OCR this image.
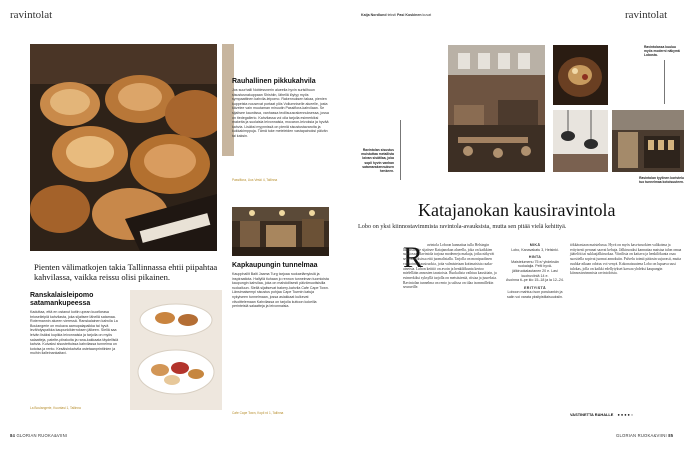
ravintolat
Rauhallinen pikkukahvila
Jos suurhalli Noblessnerin alueella hyvin surisilhuun sisustusnakuppaan Shishiin, lähellä löytyy myös sympaattinen kahvila-leipomo. Rakennuksen takaa, pienien kuppeista nousevat portaat ylös Vollumniselle alueelle, josta kävelee vain muutaman minuutin Passiflora-kahvilaan. Se sijaitsee kauniissa, vanhassa teollisuusrakennuksessa, jossa on tiedegallerio. Kahvilassa voi olla tarjolla esimerkiksi makeita ja suolaisia leivonnaisia, mocaron-leivoksia ja hyvää kahvia. Lisäksi myynnissä on pieniä sisustustavaroita ja kukkakimppuja. Tämä tuke meteleiden vastapainoksi päivän tai kaksin.
Passiflora, Uus Veski 4, Tallinna
Pienten välimatkojen takia Tallinnassa ehtii piipahtaa kahvilassa, vaikka reissu olisi pikainen.
Ranskalaisleipomo satamankupeessa
Kaduttaa, että en ostanut kotiin upean kuorikeasa brioseileipiä kahvilasta, joka sijaitsee lähellä satamaa. Rotermannin alueen vieressä. Ranskalainen kahvila La Boulangerie on mukava aamupalapaikka tai hyvä levähdyspaikka kaupunkikierroksen jälkeen. Siellä saa leivän lisäksi kupikia leivonnaisia ja tarjolla on myös salaatteja, patelte-piirakoita ja rana-kakkaata täydellisiä kahvia. Kuivaksi sisustettuissa kahvilassa tunnelma on kotoisa ja rento. Kesäisinkahvila ostetaanprintiinien ja muihin ilalleinankaitavi.
La Boulangerie, Kuuntasi 1, Tallinna
Kapkaupungin tunnelmaa
Kaupphallit Balti Jaama Turg tarjoaa ruokaelämyksiä ja inspiraatiota. Hallyllä tiuhaan jo rennon tunnelman tuomioista kaupungin kahvilaa, joka on mahdollisesti päivämuotisisilla ruokailuun. Siellä sijaitsevat bakery-kahvila Cafe Cape Town. Länsimaisempi sisustus pohjaa Cape Townin katuja nykyiseen tunnelmaan, jossa asiakkaat kulkevat vilvoittelemaan Kahvilassa on tarjolla kuttoon kokeilla perinteisiä salaatteja ja leivonnaisia.
Cafe Cape Town, Kopli rd 1, Tallinna
84 GLORIAN RUOKA&VIINI
Kaija Nordlund teksti Pasi Koskinen kuvat	ravintolat
Ravintolassa kuuluu myös moderni näkymä Lobosta.
Ravintolan tyylinen koristelu tuo tunnelmaa kotoisuuteen.
Ravintolan sisustus muistuttaa metallista laivan sisätilaa, joka sopii hyvin vanhan satamarakennuksen henkeen.
Katajanokan kausiravintola
Lobo on yksi kiinnostavimmista ravintola-avauksista, mutta sen pitää vielä kehittyä.
R	avintola Loboon kannattaa tulla Helsingin lähiöistä. Se sijaitsee Katajanokan alueella, joka on kaikkien suosiossa. Ravintola tarjoaa moderneja makuja, jotka näkyvät sekä annoksissa että juomalistalla. Tarjolla on monipuolinen valikoima kausiruokia, joita valmistetaan kotimaisista raaka-aineista. Lobon keittiö on avoin ja henkilökunta kertoo mielellään annosten taustoista. Ruokalista vaihtuu kausittain, ja esimerkiksi syksyllä tarjolla on metsäsieniä, riistaa ja juureksia. Ravintolan tunnelma on rento ja salissa on tilaa isommillekin seurueille.
MIKÄ
Lobo, Kanavakatu 3, Helsinki.
HINTA
Maistelumenu 75 e/ yhdeksän ruokalajia. Pelti hyvä- jälkiruokalautanen 20 e. Lasi kuohuviiniä 14 e.
Avoinna ti–pe klo 15–18 ja la 12–24.
ERITYISTÄ
Loboon mahtuu ison porukankin ja salin voi varata yksityistilaisuuksiin.
tökkärastaan maistelussa. Hyvä on myös kasvisruokien valikoima ja erityisesti perunat saavat kehuja. Jälkiruoaksi kannattaa maistaa talon omaa jäätelöä tai suklaajälkiruokaa. Viinilista on kattava ja henkilökunta osaa suositella sopivat juomat annoksiin. Palvelu toimii pääosin sujuvasti, mutta ruuhka-aikaan odotus voi venyä. Kokonaisuutena Lobo on lupaava uusi tulokas, jolla on kaikki edellytykset kasvaa yhdeksi kaupungin kiinnostavimmista ravintoloista.
VASTINETTA RAHALLE ●●●●○
GLORIAN RUOKA&VIINI 85
